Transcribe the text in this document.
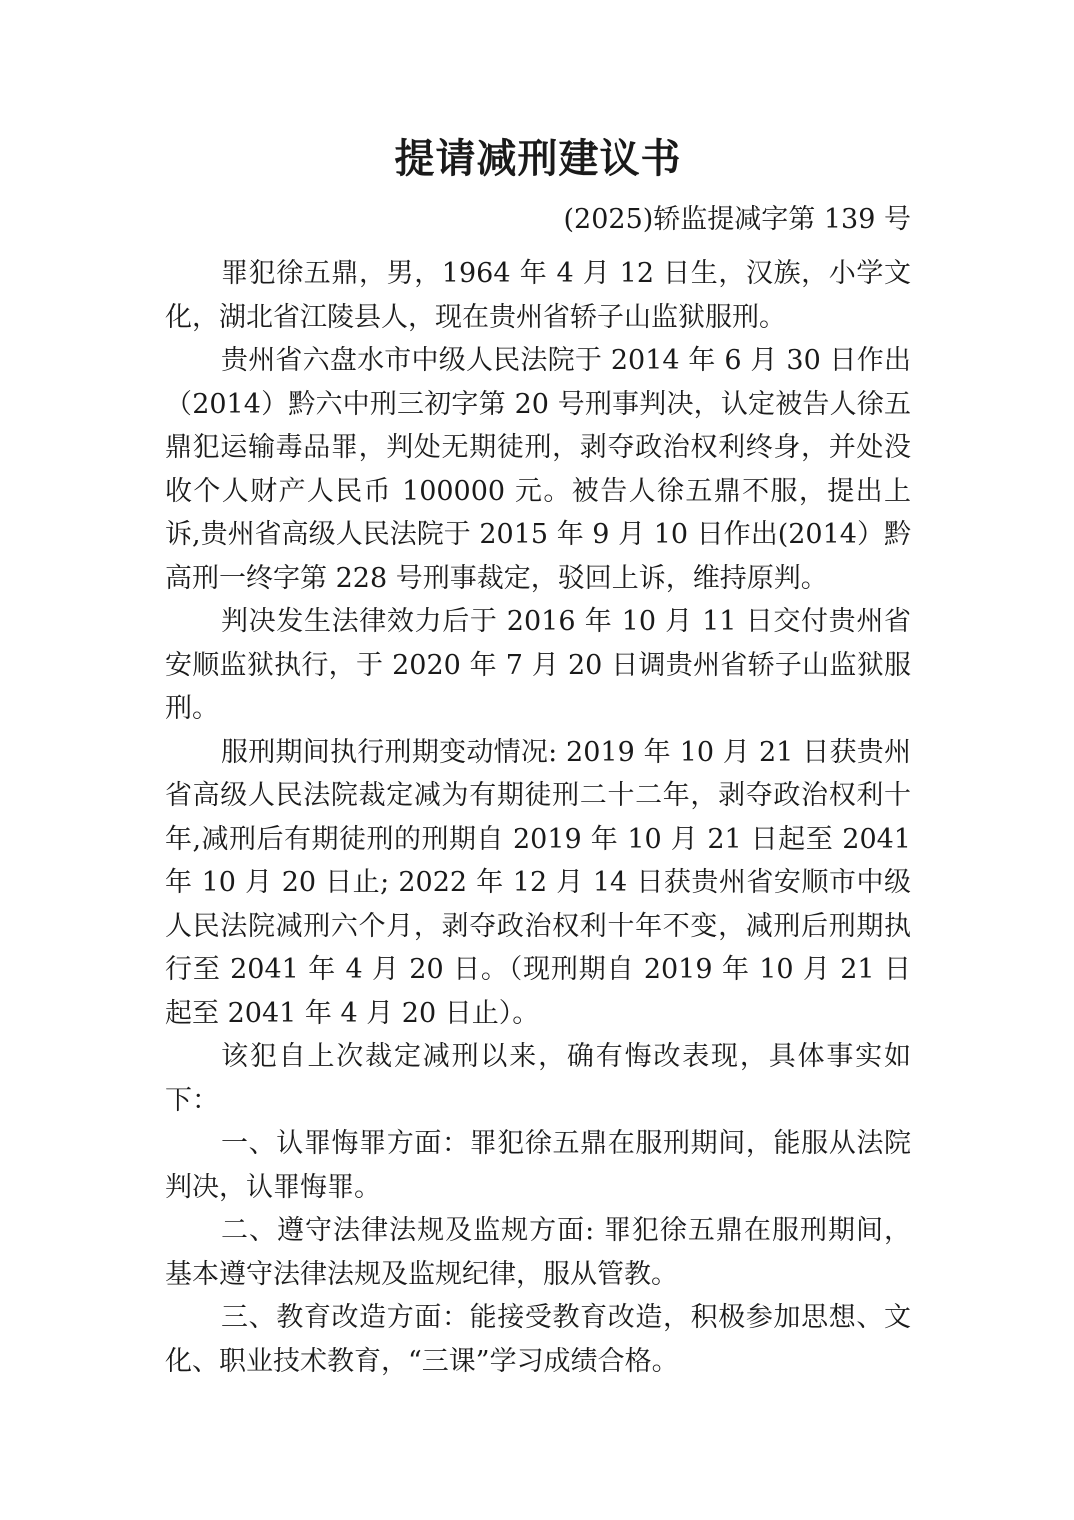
提请减刑建议书

(2025)轿监提减字第 139 号

罪犯徐五鼎，男，1964 年 4 月 12 日生，汉族，小学文化，湖北省江陵县人，现在贵州省轿子山监狱服刑。

贵州省六盘水市中级人民法院于 2014 年 6 月 30 日作出（2014）黔六中刑三初字第 20 号刑事判决，认定被告人徐五鼎犯运输毒品罪，判处无期徒刑，剥夺政治权利终身，并处没收个人财产人民币 100000 元。被告人徐五鼎不服，提出上诉,贵州省高级人民法院于 2015 年 9 月 10 日作出(2014）黔高刑一终字第 228 号刑事裁定，驳回上诉，维持原判。

判决发生法律效力后于 2016 年 10 月 11 日交付贵州省安顺监狱执行，于 2020 年 7 月 20 日调贵州省轿子山监狱服刑。

服刑期间执行刑期变动情况: 2019 年 10 月 21 日获贵州省高级人民法院裁定减为有期徒刑二十二年，剥夺政治权利十年,减刑后有期徒刑的刑期自 2019 年 10 月 21 日起至 2041 年 10 月 20 日止; 2022 年 12 月 14 日获贵州省安顺市中级人民法院减刑六个月，剥夺政治权利十年不变，减刑后刑期执行至 2041 年 4 月 20 日。（现刑期自 2019 年 10 月 21 日起至 2041 年 4 月 20 日止）。

该犯自上次裁定减刑以来，确有悔改表现，具体事实如下：

一、认罪悔罪方面：罪犯徐五鼎在服刑期间，能服从法院判决，认罪悔罪。

二、遵守法律法规及监规方面: 罪犯徐五鼎在服刑期间，基本遵守法律法规及监规纪律，服从管教。

三、教育改造方面：能接受教育改造，积极参加思想、文化、职业技术教育，“三课”学习成绩合格。
